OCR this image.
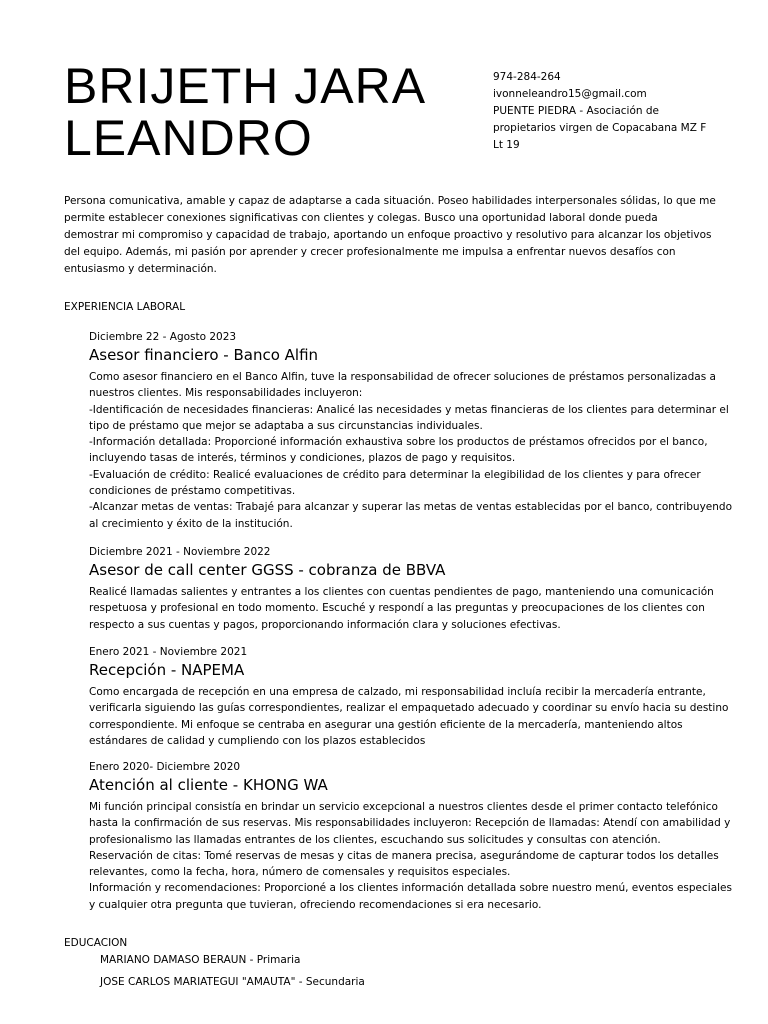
BRIJETH JARA
LEANDRO
974-284-264
ivonneleandro15@gmail.com
PUENTE PIEDRA - Asociación de
propietarios virgen de Copacabana MZ F
Lt 19
Persona comunicativa, amable y capaz de adaptarse a cada situación. Poseo habilidades interpersonales sólidas, lo que me
permite establecer conexiones significativas con clientes y colegas. Busco una oportunidad laboral donde pueda
demostrar mi compromiso y capacidad de trabajo, aportando un enfoque proactivo y resolutivo para alcanzar los objetivos
del equipo. Además, mi pasión por aprender y crecer profesionalmente me impulsa a enfrentar nuevos desafíos con
entusiasmo y determinación.
EXPERIENCIA LABORAL
Diciembre 22 - Agosto 2023
Asesor financiero - Banco Alfin
Como asesor financiero en el Banco Alfin, tuve la responsabilidad de ofrecer soluciones de préstamos personalizadas a
nuestros clientes. Mis responsabilidades incluyeron:
-Identificación de necesidades financieras: Analicé las necesidades y metas financieras de los clientes para determinar el
tipo de préstamo que mejor se adaptaba a sus circunstancias individuales.
-Información detallada: Proporcioné información exhaustiva sobre los productos de préstamos ofrecidos por el banco,
incluyendo tasas de interés, términos y condiciones, plazos de pago y requisitos.
-Evaluación de crédito: Realicé evaluaciones de crédito para determinar la elegibilidad de los clientes y para ofrecer
condiciones de préstamo competitivas.
-Alcanzar metas de ventas: Trabajé para alcanzar y superar las metas de ventas establecidas por el banco, contribuyendo
al crecimiento y éxito de la institución.
Diciembre 2021 - Noviembre 2022
Asesor de call center GGSS - cobranza de BBVA
Realicé llamadas salientes y entrantes a los clientes con cuentas pendientes de pago, manteniendo una comunicación
respetuosa y profesional en todo momento. Escuché y respondí a las preguntas y preocupaciones de los clientes con
respecto a sus cuentas y pagos, proporcionando información clara y soluciones efectivas.
Enero 2021 - Noviembre 2021
Recepción - NAPEMA
Como encargada de recepción en una empresa de calzado, mi responsabilidad incluía recibir la mercadería entrante,
verificarla siguiendo las guías correspondientes, realizar el empaquetado adecuado y coordinar su envío hacia su destino
correspondiente. Mi enfoque se centraba en asegurar una gestión eficiente de la mercadería, manteniendo altos
estándares de calidad y cumpliendo con los plazos establecidos
Enero 2020- Diciembre 2020
Atención al cliente - KHONG WA
Mi función principal consistía en brindar un servicio excepcional a nuestros clientes desde el primer contacto telefónico
hasta la confirmación de sus reservas. Mis responsabilidades incluyeron: Recepción de llamadas: Atendí con amabilidad y
profesionalismo las llamadas entrantes de los clientes, escuchando sus solicitudes y consultas con atención.
Reservación de citas: Tomé reservas de mesas y citas de manera precisa, asegurándome de capturar todos los detalles
relevantes, como la fecha, hora, número de comensales y requisitos especiales.
Información y recomendaciones: Proporcioné a los clientes información detallada sobre nuestro menú, eventos especiales
y cualquier otra pregunta que tuvieran, ofreciendo recomendaciones si era necesario.
EDUCACION
MARIANO DAMASO BERAUN - Primaria
JOSE CARLOS MARIATEGUI "AMAUTA" - Secundaria
